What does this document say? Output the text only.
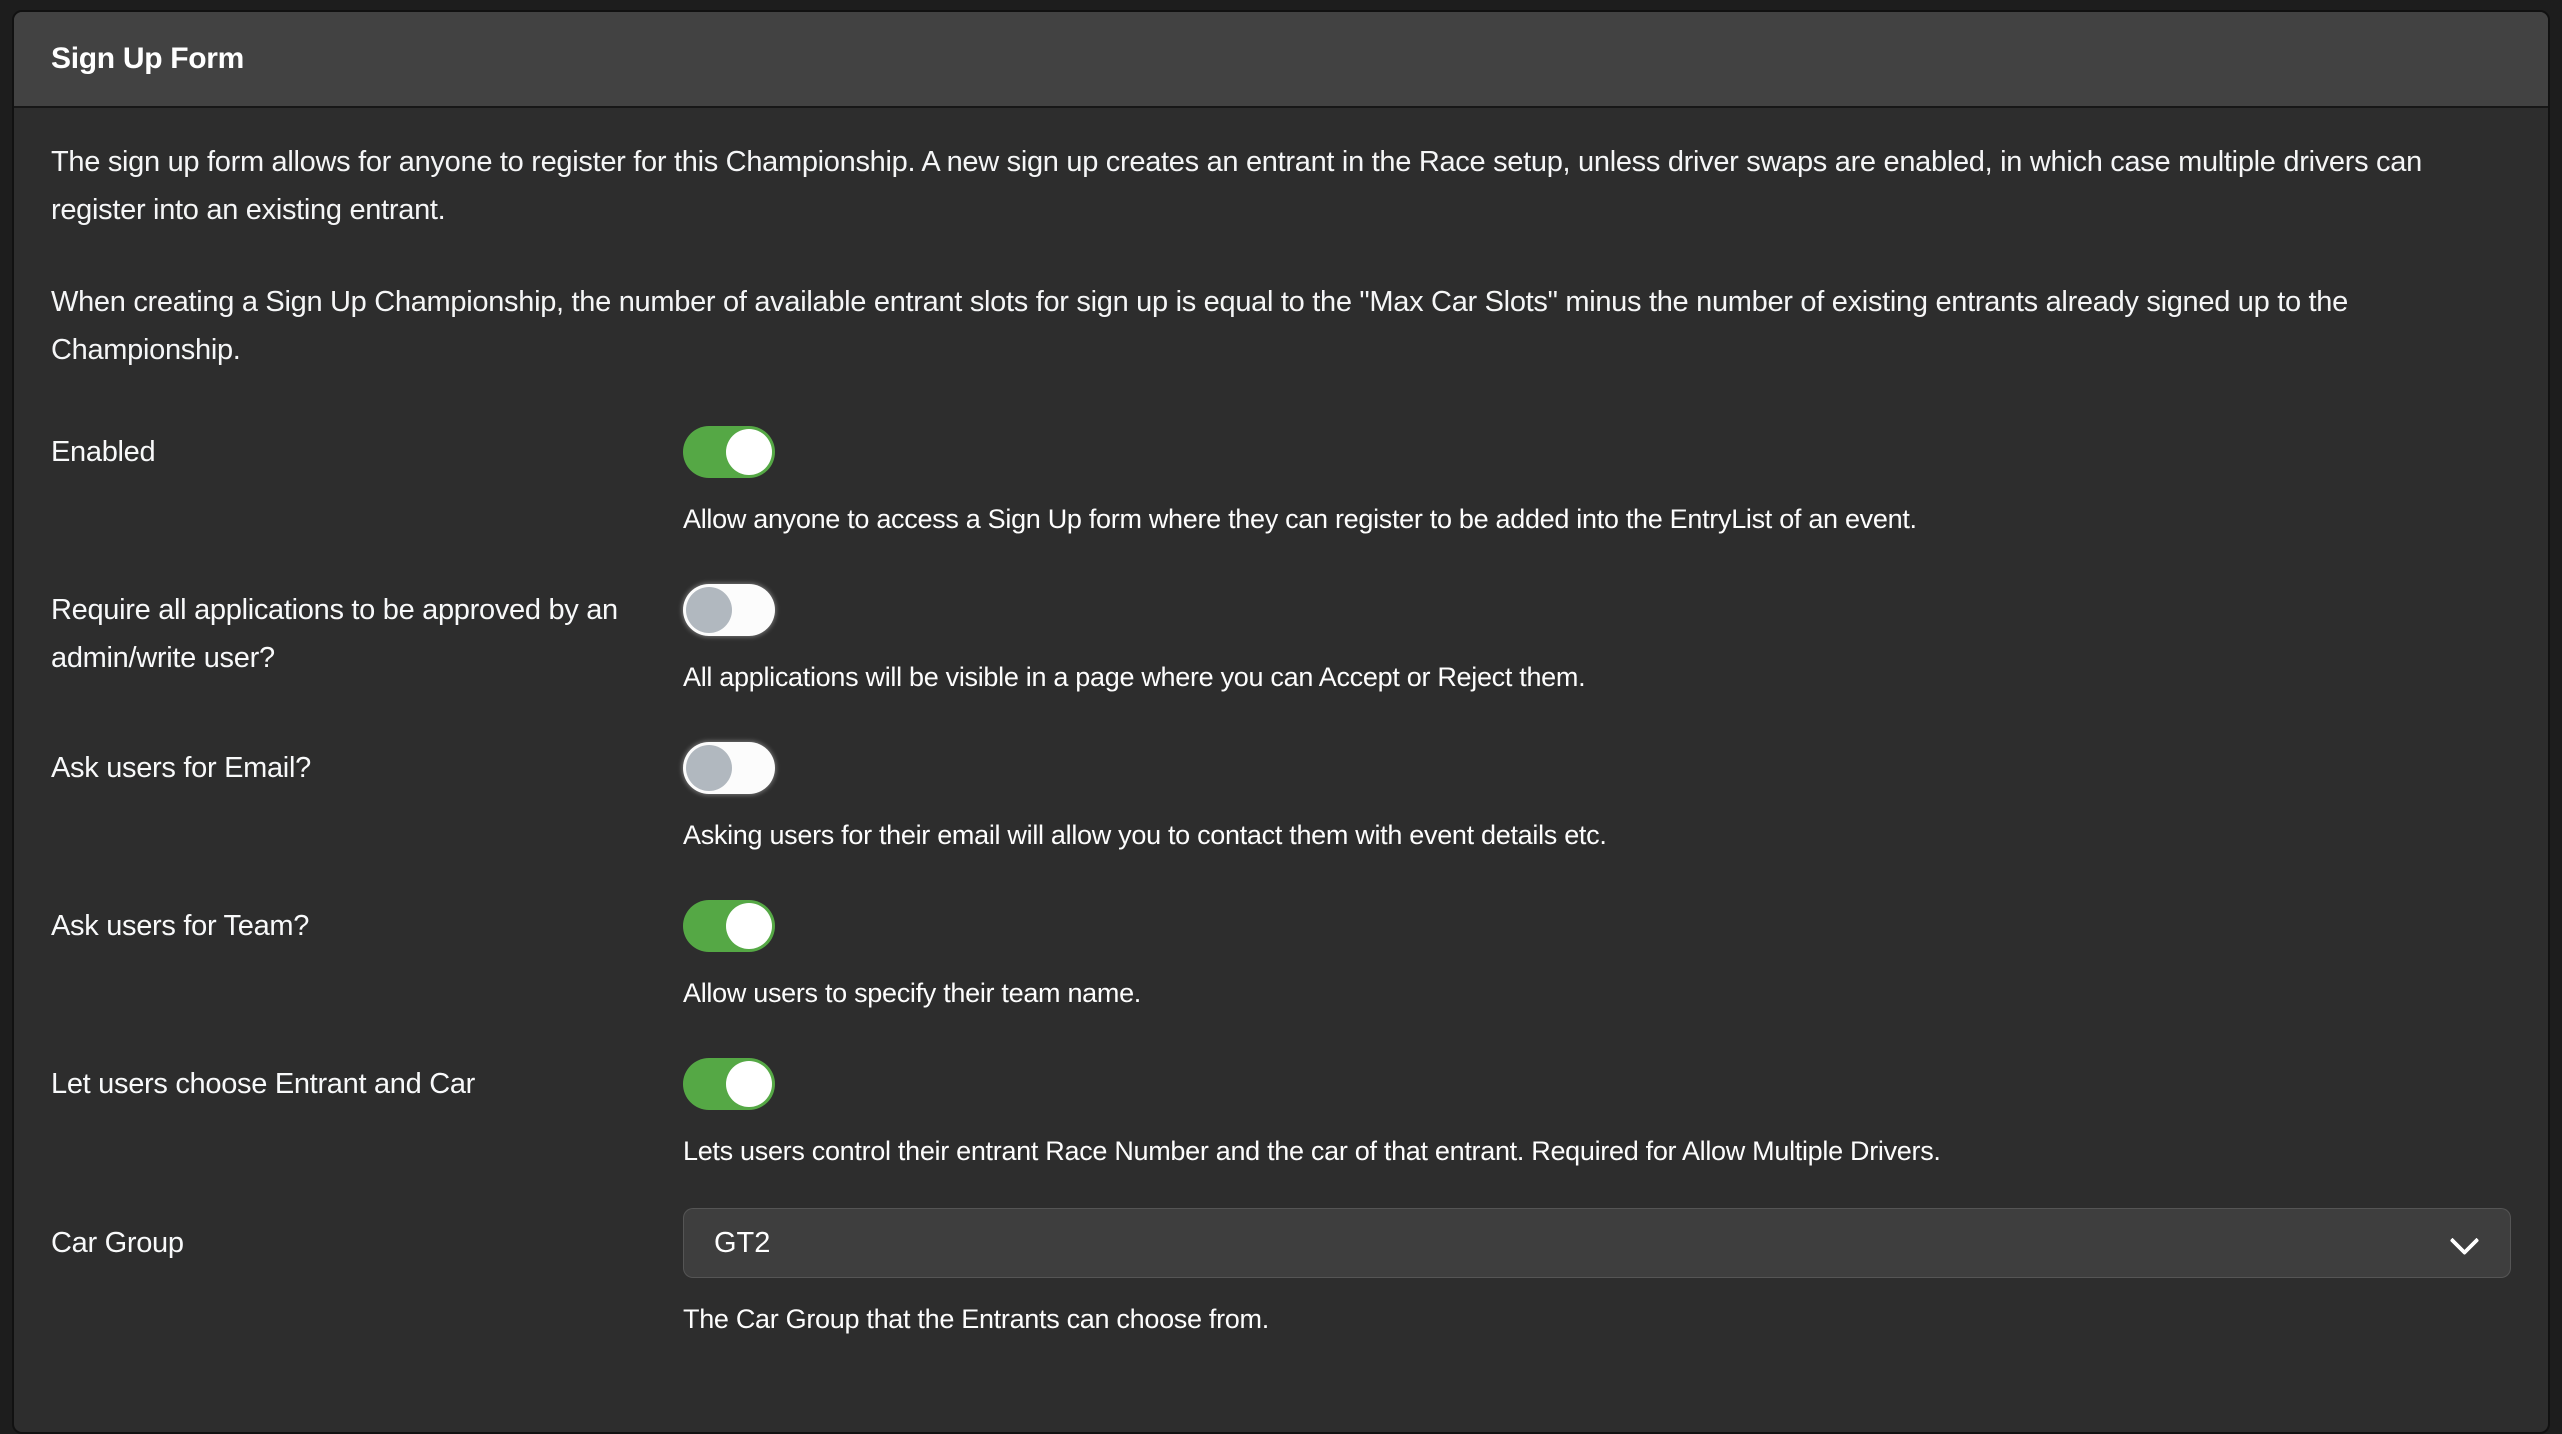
Sign Up Form

The sign up form allows for anyone to register for this Championship. A new sign up creates an entrant in the Race setup, unless driver swaps are enabled, in which case multiple drivers can register into an existing entrant.

When creating a Sign Up Championship, the number of available entrant slots for sign up is equal to the "Max Car Slots" minus the number of existing entrants already signed up to the Championship.

Enabled
Allow anyone to access a Sign Up form where they can register to be added into the EntryList of an event.
Require all applications to be approved by an admin/write user?
All applications will be visible in a page where you can Accept or Reject them.
Ask users for Email?
Asking users for their email will allow you to contact them with event details etc.
Ask users for Team?
Allow users to specify their team name.
Let users choose Entrant and Car
Lets users control their entrant Race Number and the car of that entrant. Required for Allow Multiple Drivers.
Car Group
GT2
The Car Group that the Entrants can choose from.
